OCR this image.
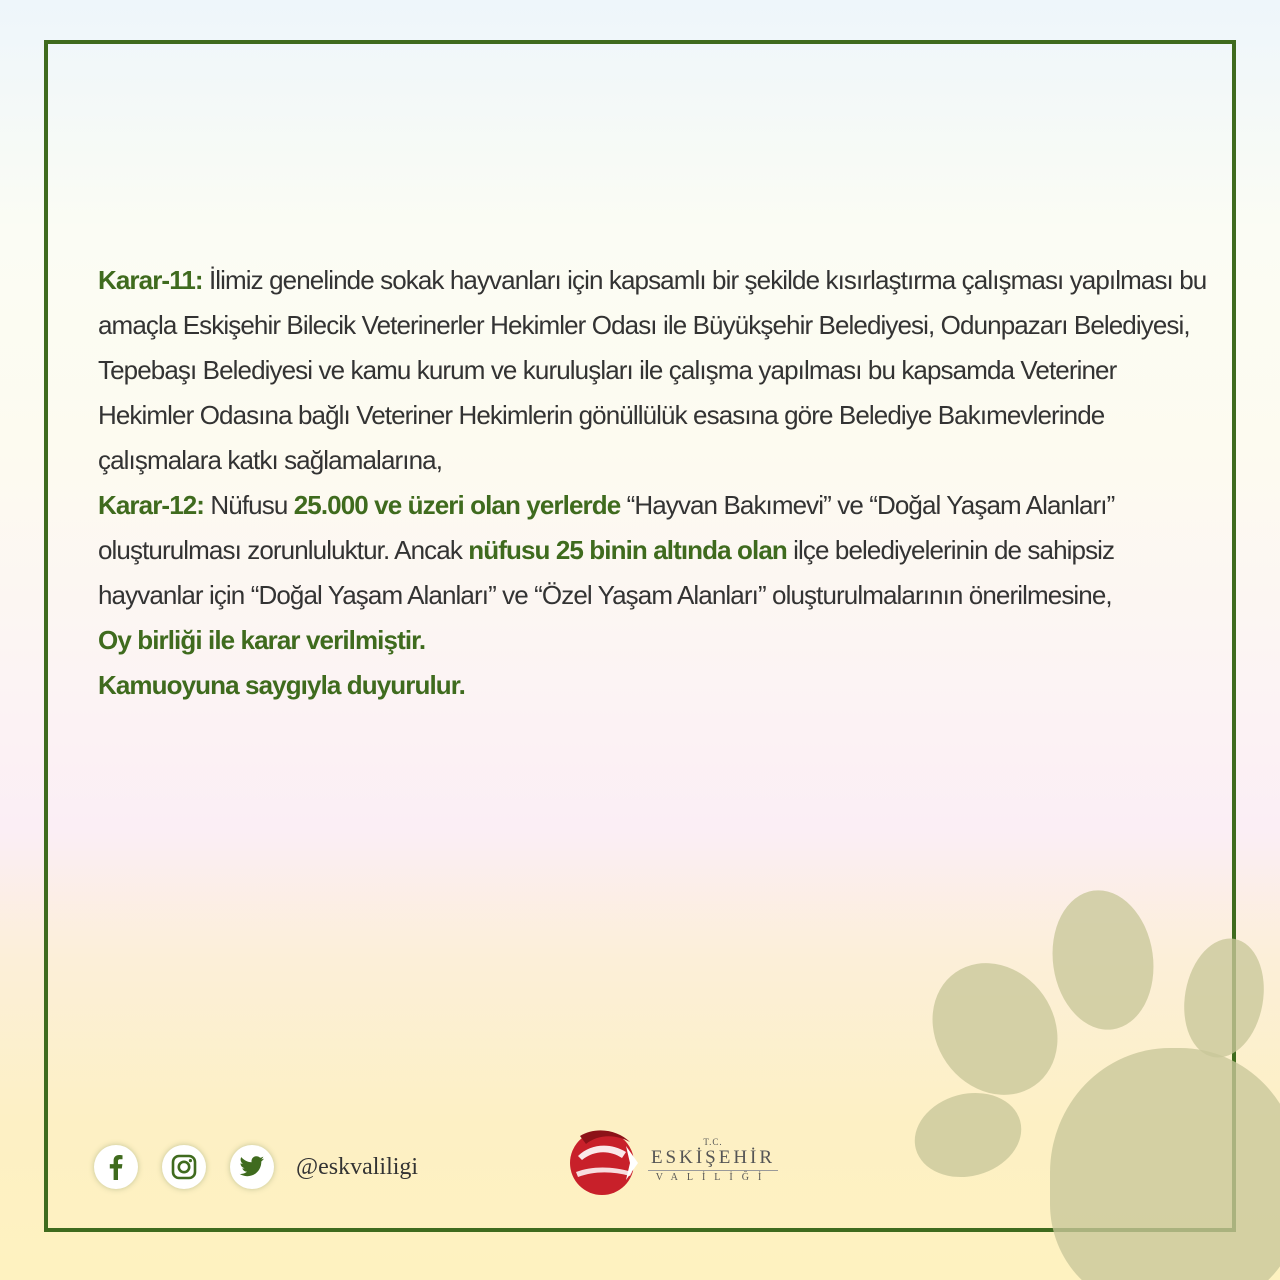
Karar-11: İlimiz genelinde sokak hayvanları için kapsamlı bir şekilde kısırlaştırma çalışması yapılması bu amaçla Eskişehir Bilecik Veterinerler Hekimler Odası ile Büyükşehir Belediyesi, Odunpazarı Belediyesi, Tepebaşı Belediyesi ve kamu kurum ve kuruluşları ile çalışma yapılması bu kapsamda Veteriner Hekimler Odasına bağlı Veteriner Hekimlerin gönüllülük esasına göre Belediye Bakımevlerinde çalışmalara katkı sağlamalarına,

Karar-12: Nüfusu 25.000 ve üzeri olan yerlerde “Hayvan Bakımevi” ve “Doğal Yaşam Alanları” oluşturulması zorunluluktur. Ancak nüfusu 25 binin altında olan ilçe belediyelerinin de sahipsiz hayvanlar için “Doğal Yaşam Alanları” ve “Özel Yaşam Alanları” oluşturulmalarının önerilmesine,

Oy birliği ile karar verilmiştir.

Kamuoyuna saygıyla duyurulur.

@eskvaliligi
T.C.
ESKİŞEHİR
VALİLİĞİ
